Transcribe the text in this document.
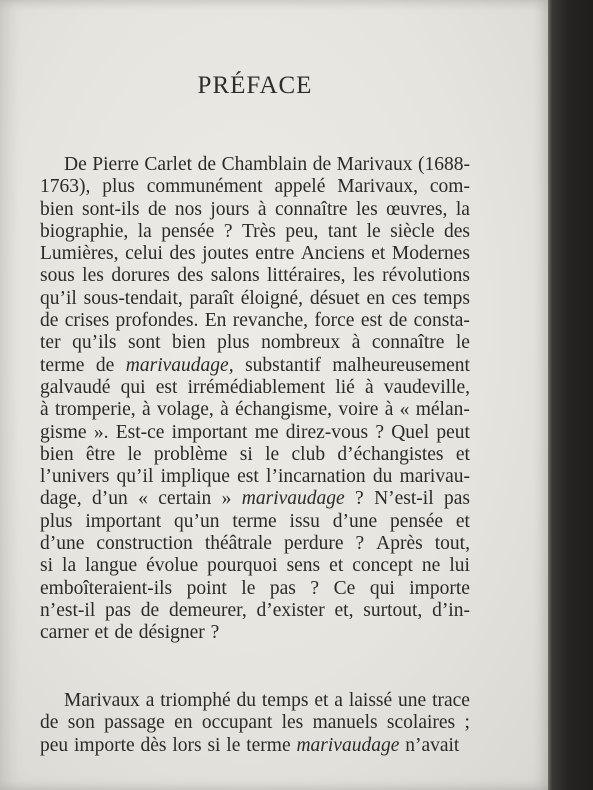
PRÉFACE
De Pierre Carlet de Chamblain de Marivaux (1688-
1763), plus communément appelé Marivaux, com-
bien sont-ils de nos jours à connaître les œuvres, la
biographie, la pensée ? Très peu, tant le siècle des
Lumières, celui des joutes entre Anciens et Modernes
sous les dorures des salons littéraires, les révolutions
qu’il sous-tendait, paraît éloigné, désuet en ces temps
de crises profondes. En revanche, force est de consta-
ter qu’ils sont bien plus nombreux à connaître le
terme de marivaudage, substantif malheureusement
galvaudé qui est irrémédiablement lié à vaudeville,
à tromperie, à volage, à échangisme, voire à « mélan-
gisme ». Est-ce important me direz-vous ? Quel peut
bien être le problème si le club d’échangistes et
l’univers qu’il implique est l’incarnation du marivau-
dage, d’un « certain » marivaudage ? N’est-il pas
plus important qu’un terme issu d’une pensée et
d’une construction théâtrale perdure ? Après tout,
si la langue évolue pourquoi sens et concept ne lui
emboîteraient-ils point le pas ? Ce qui importe
n’est-il pas de demeurer, d’exister et, surtout, d’in-
carner et de désigner ?
Marivaux a triomphé du temps et a laissé une trace
de son passage en occupant les manuels scolaires ;
peu importe dès lors si le terme marivaudage n’avait
